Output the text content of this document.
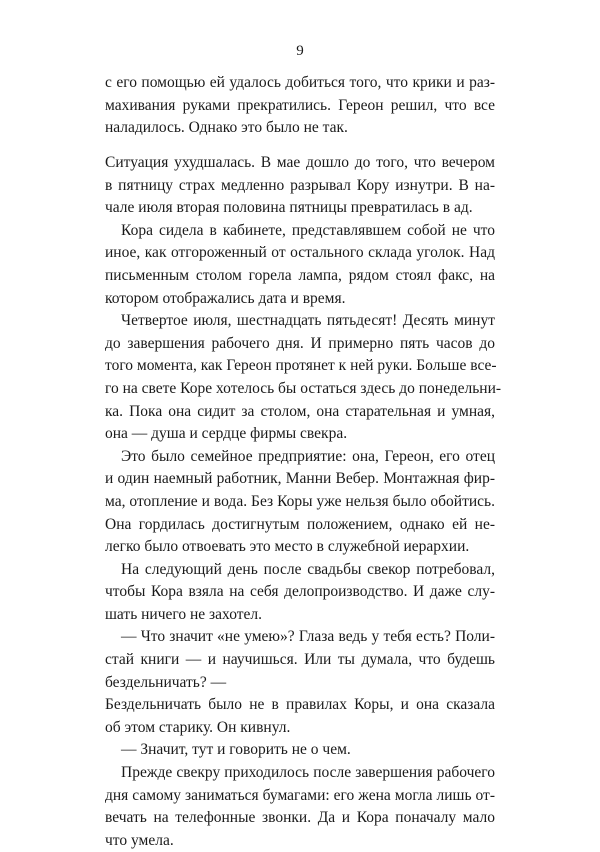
9
с его помощью ей удалось добиться того, что крики и раз-
махивания руками прекратились. Гереон решил, что все
наладилось. Однако это было не так.
Ситуация ухудшалась. В мае дошло до того, что вечером
в пятницу страх медленно разрывал Кору изнутри. В на-
чале июля вторая половина пятницы превратилась в ад.
Кора сидела в кабинете, представлявшем собой не что
иное, как отгороженный от остального склада уголок. Над
письменным столом горела лампа, рядом стоял факс, на
котором отображались дата и время.
Четвертое июля, шестнадцать пятьдесят! Десять минут
до завершения рабочего дня. И примерно пять часов до
того момента, как Гереон протянет к ней руки. Больше все-
го на свете Коре хотелось бы остаться здесь до понедельни-
ка. Пока она сидит за столом, она старательная и умная,
она — душа и сердце фирмы свекра.
Это было семейное предприятие: она, Гереон, его отец
и один наемный работник, Манни Вебер. Монтажная фир-
ма, отопление и вода. Без Коры уже нельзя было обойтись.
Она гордилась достигнутым положением, однако ей не-
легко было отвоевать это место в служебной иерархии.
На следующий день после свадьбы свекор потребовал,
чтобы Кора взяла на себя делопроизводство. И даже слу-
шать ничего не захотел.
— Что значит «не умею»? Глаза ведь у тебя есть? Поли-
стай книги — и научишься. Или ты думала, что будешь
бездельничать? —
Бездельничать было не в правилах Коры, и она сказала
об этом старику. Он кивнул.
— Значит, тут и говорить не о чем.
Прежде свекру приходилось после завершения рабочего
дня самому заниматься бумагами: его жена могла лишь от-
вечать на телефонные звонки. Да и Кора поначалу мало
что умела.
